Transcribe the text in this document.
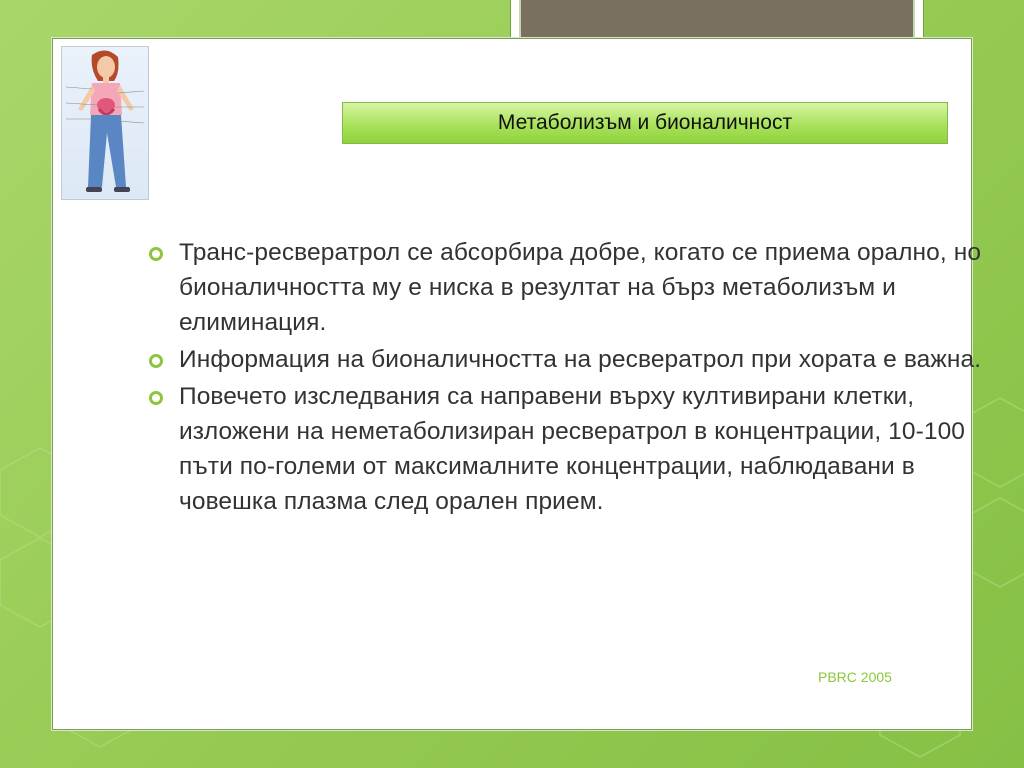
Метаболизъм и бионаличност
Транс-ресвератрол се абсорбира добре, когато се приема орално, но бионаличността му е ниска в резултат на бърз метаболизъм и елиминация.
Информация на бионаличността на ресвератрол при хората е важна.
Повечето изследвания са направени върху култивирани клетки, изложени на неметаболизиран ресвератрол в концентрации, 10-100 пъти по-големи от максималните концентрации, наблюдавани в човешка плазма след орален прием.
PBRC 2005
